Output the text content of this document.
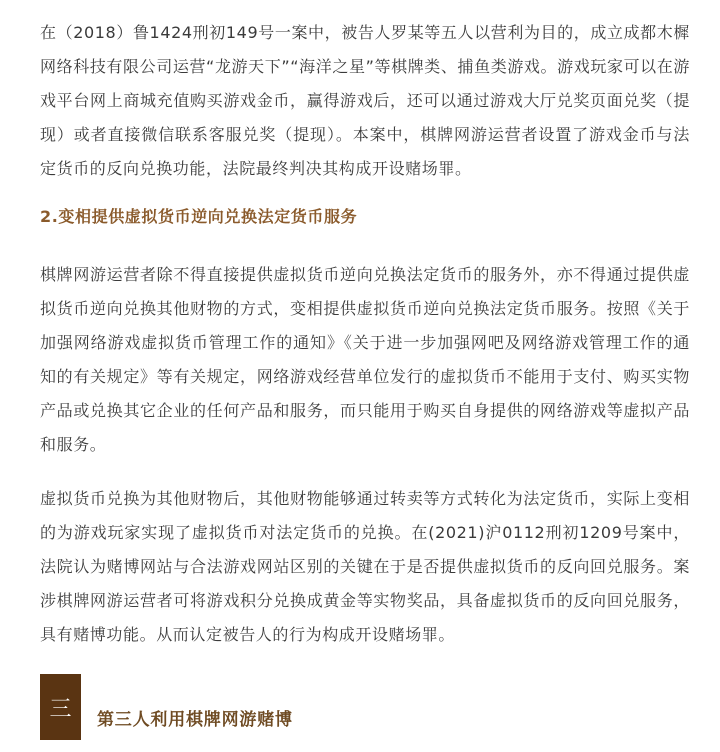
在（2018）鲁1424刑初149号一案中，被告人罗某等五人以营利为目的，成立成都木樨网络科技有限公司运营“龙游天下”“海洋之星”等棋牌类、捕鱼类游戏。游戏玩家可以在游戏平台网上商城充值购买游戏金币，赢得游戏后，还可以通过游戏大厅兑奖页面兑奖（提现）或者直接微信联系客服兑奖（提现）。本案中，棋牌网游运营者设置了游戏金币与法定货币的反向兑换功能，法院最终判决其构成开设赌场罪。

2.变相提供虚拟货币逆向兑换法定货币服务

棋牌网游运营者除不得直接提供虚拟货币逆向兑换法定货币的服务外，亦不得通过提供虚拟货币逆向兑换其他财物的方式，变相提供虚拟货币逆向兑换法定货币服务。按照《关于加强网络游戏虚拟货币管理工作的通知》《关于进一步加强网吧及网络游戏管理工作的通知的有关规定》等有关规定，网络游戏经营单位发行的虚拟货币不能用于支付、购买实物产品或兑换其它企业的任何产品和服务，而只能用于购买自身提供的网络游戏等虚拟产品和服务。

虚拟货币兑换为其他财物后，其他财物能够通过转卖等方式转化为法定货币，实际上变相的为游戏玩家实现了虚拟货币对法定货币的兑换。在(2021)沪0112刑初1209号案中，法院认为赌博网站与合法游戏网站区别的关键在于是否提供虚拟货币的反向回兑服务。案涉棋牌网游运营者可将游戏积分兑换成黄金等实物奖品，具备虚拟货币的反向回兑服务，具有赌博功能。从而认定被告人的行为构成开设赌场罪。

三	第三人利用棋牌网游赌博
